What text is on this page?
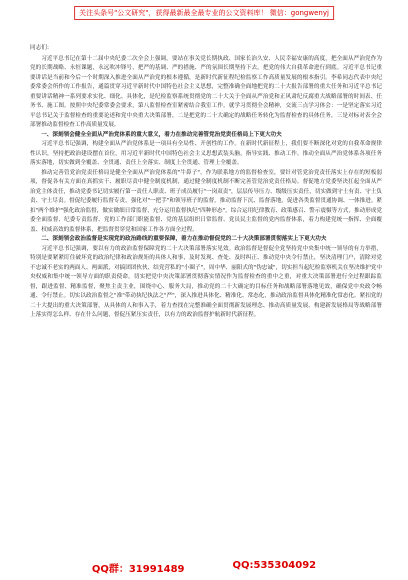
关注头条号"公文研究"，获得最新最全最专业的公文资料库！ 微信：gongwenyj

同志们：

习近平总书记在第十二届中央纪委二次全会上强调，要站在事关党长期执政、国家长治久安、人民幸福安康的高度，把全面从严治党作为党的长期战略、永恒课题，永远吹冲锋号，把严的基调、严的措施、严的氛围长期坚持下去，把党的伟大自我革命进行到底。习近平总书记重要讲话是当前和今后一个时期深入推进全面从严治党的根本遵循，是新时代新征程纪检监察工作高质量发展的根本指引。李希同志代表中央纪委常委会所作的工作报告，通篇贯穿习近平新时代中国特色社会主义思想，完整准确全面地把党的二十大报告部署的重大任务和习近平总书记重要讲话精神一系列要求实化、细化、具体化，是纪检监察系统贯彻党的二十大关于全面从严治党和正风肃纪反腐重大战略部署的时间表、任务书、施工图。按照中央纪委常委会要求，第八监督检查室紧密结合我室工作，就学习贯彻全会精神，交流三点学习体会：一是坚定落实习近平总书记关于监督检查的重要论述和党中央重大决策部署，二是把党的二十大确定的战略任务转化为监督检查的具体任务，三是对标对表全会部署推动监督检查工作高质量发展。

一、深刻领会健全全面从严治党体系的重大意义，着力在推动完善管党治党责任格局上下更大功夫

习近平总书记强调，构建全面从严治党体系是一项具有全局性、开创性的工作。在新时代新征程上，我们要不断深化对党的自我革命规律性认识，坚持把政治建设摆在首位，用习近平新时代中国特色社会主义思想武装头脑，指导实践、推动工作。推动全面从严治党体系各项任务落实落地，切实做到全覆盖、全贯通、责任上全落实、制度上全贯通、管理上全覆盖。

推动完善管党治党责任格局是健全全面从严治党体系的"牛鼻子"。作为联系地方的监督检查室，要针对管党治党责任落实上存在的短板弱项，督促各有关方面在真抓实干、履职尽责中健全制度机制，通过健全制度机制不断完善管党治党责任格局。督促地方党委坚决扛起全面从严治党主体责任，推动党委书记切实履行第一责任人职责、班子成员履行"一岗双责"，层层传导压力、级级压实责任，切实做到守土有责、守土负责、守土尽责。督促纪委履行监督专责，强化对"一把手"和领导班子的监督，推动监督下沉、监督落地，促进各类监督贯通协调、一体推进。紧扣"两个维护"强化政治监督，做实做细日常监督，充分运用监督执纪"四种形态"，综合运用纪律教育、政策感召、警示震慑等方式，推动形成党委全面监督、纪委专责监督、党的工作部门职能监督、党的基层组织日常监督、党员民主监督的党内监督体系，着力构建党统一指挥、全面覆盖、权威高效的监督体系，把监督贯穿党和国家工作各方面全过程。

二、深刻领会政治监督是实现党的政治路线的重要保障，着力在推动督促党的二十大决策部署贯彻落实上下更大功夫

习近平总书记强调，要以有力的政治监督保障党的二十大决策部署落实见效。政治监督是督促全党坚持党中央集中统一领导的有力举措，特别是要紧紧盯住破坏党的政治纪律和政治规矩的具体人和事，及时发现、查处、及时纠正、推动党中央令行禁止，坚决清理门户，清除对党不忠诚不老实的两面人、两面派，对搞团团伙伙、结党营私的"小圈子"，周中华、丽阳式的"伪忠诚"，切实担当起纪检监察机关在坚决维护党中央权威和集中统一领导方面的职责使命。切实把党中央决策部署贯彻落实情况作为监督检查的重中之重，对重大决策部署进行全过程跟踪监督，跟进监督、精准监督，聚焦主责主业，围绕中心、服务大局，推动党的二十大确定的目标任务和战略部署落地见效，确保党中央政令畅通、令行禁止。切实以政治监督之"准"带动执纪执法之"严"，深入推进具体化、精准化、常态化，推动政治监督具体化精准化常态化。紧扣党的二十大提出的重大决策部署，从具体的人和事入手，着力查找在完整准确全面贯彻新发展理念、推动高质量发展、构建新发展格局等战略部署上落实得怎么样、存在什么问题，督促压紧压实责任，以有力的政治监督护航新时代新征程。

QQ群：31991489	QQ:535304092
